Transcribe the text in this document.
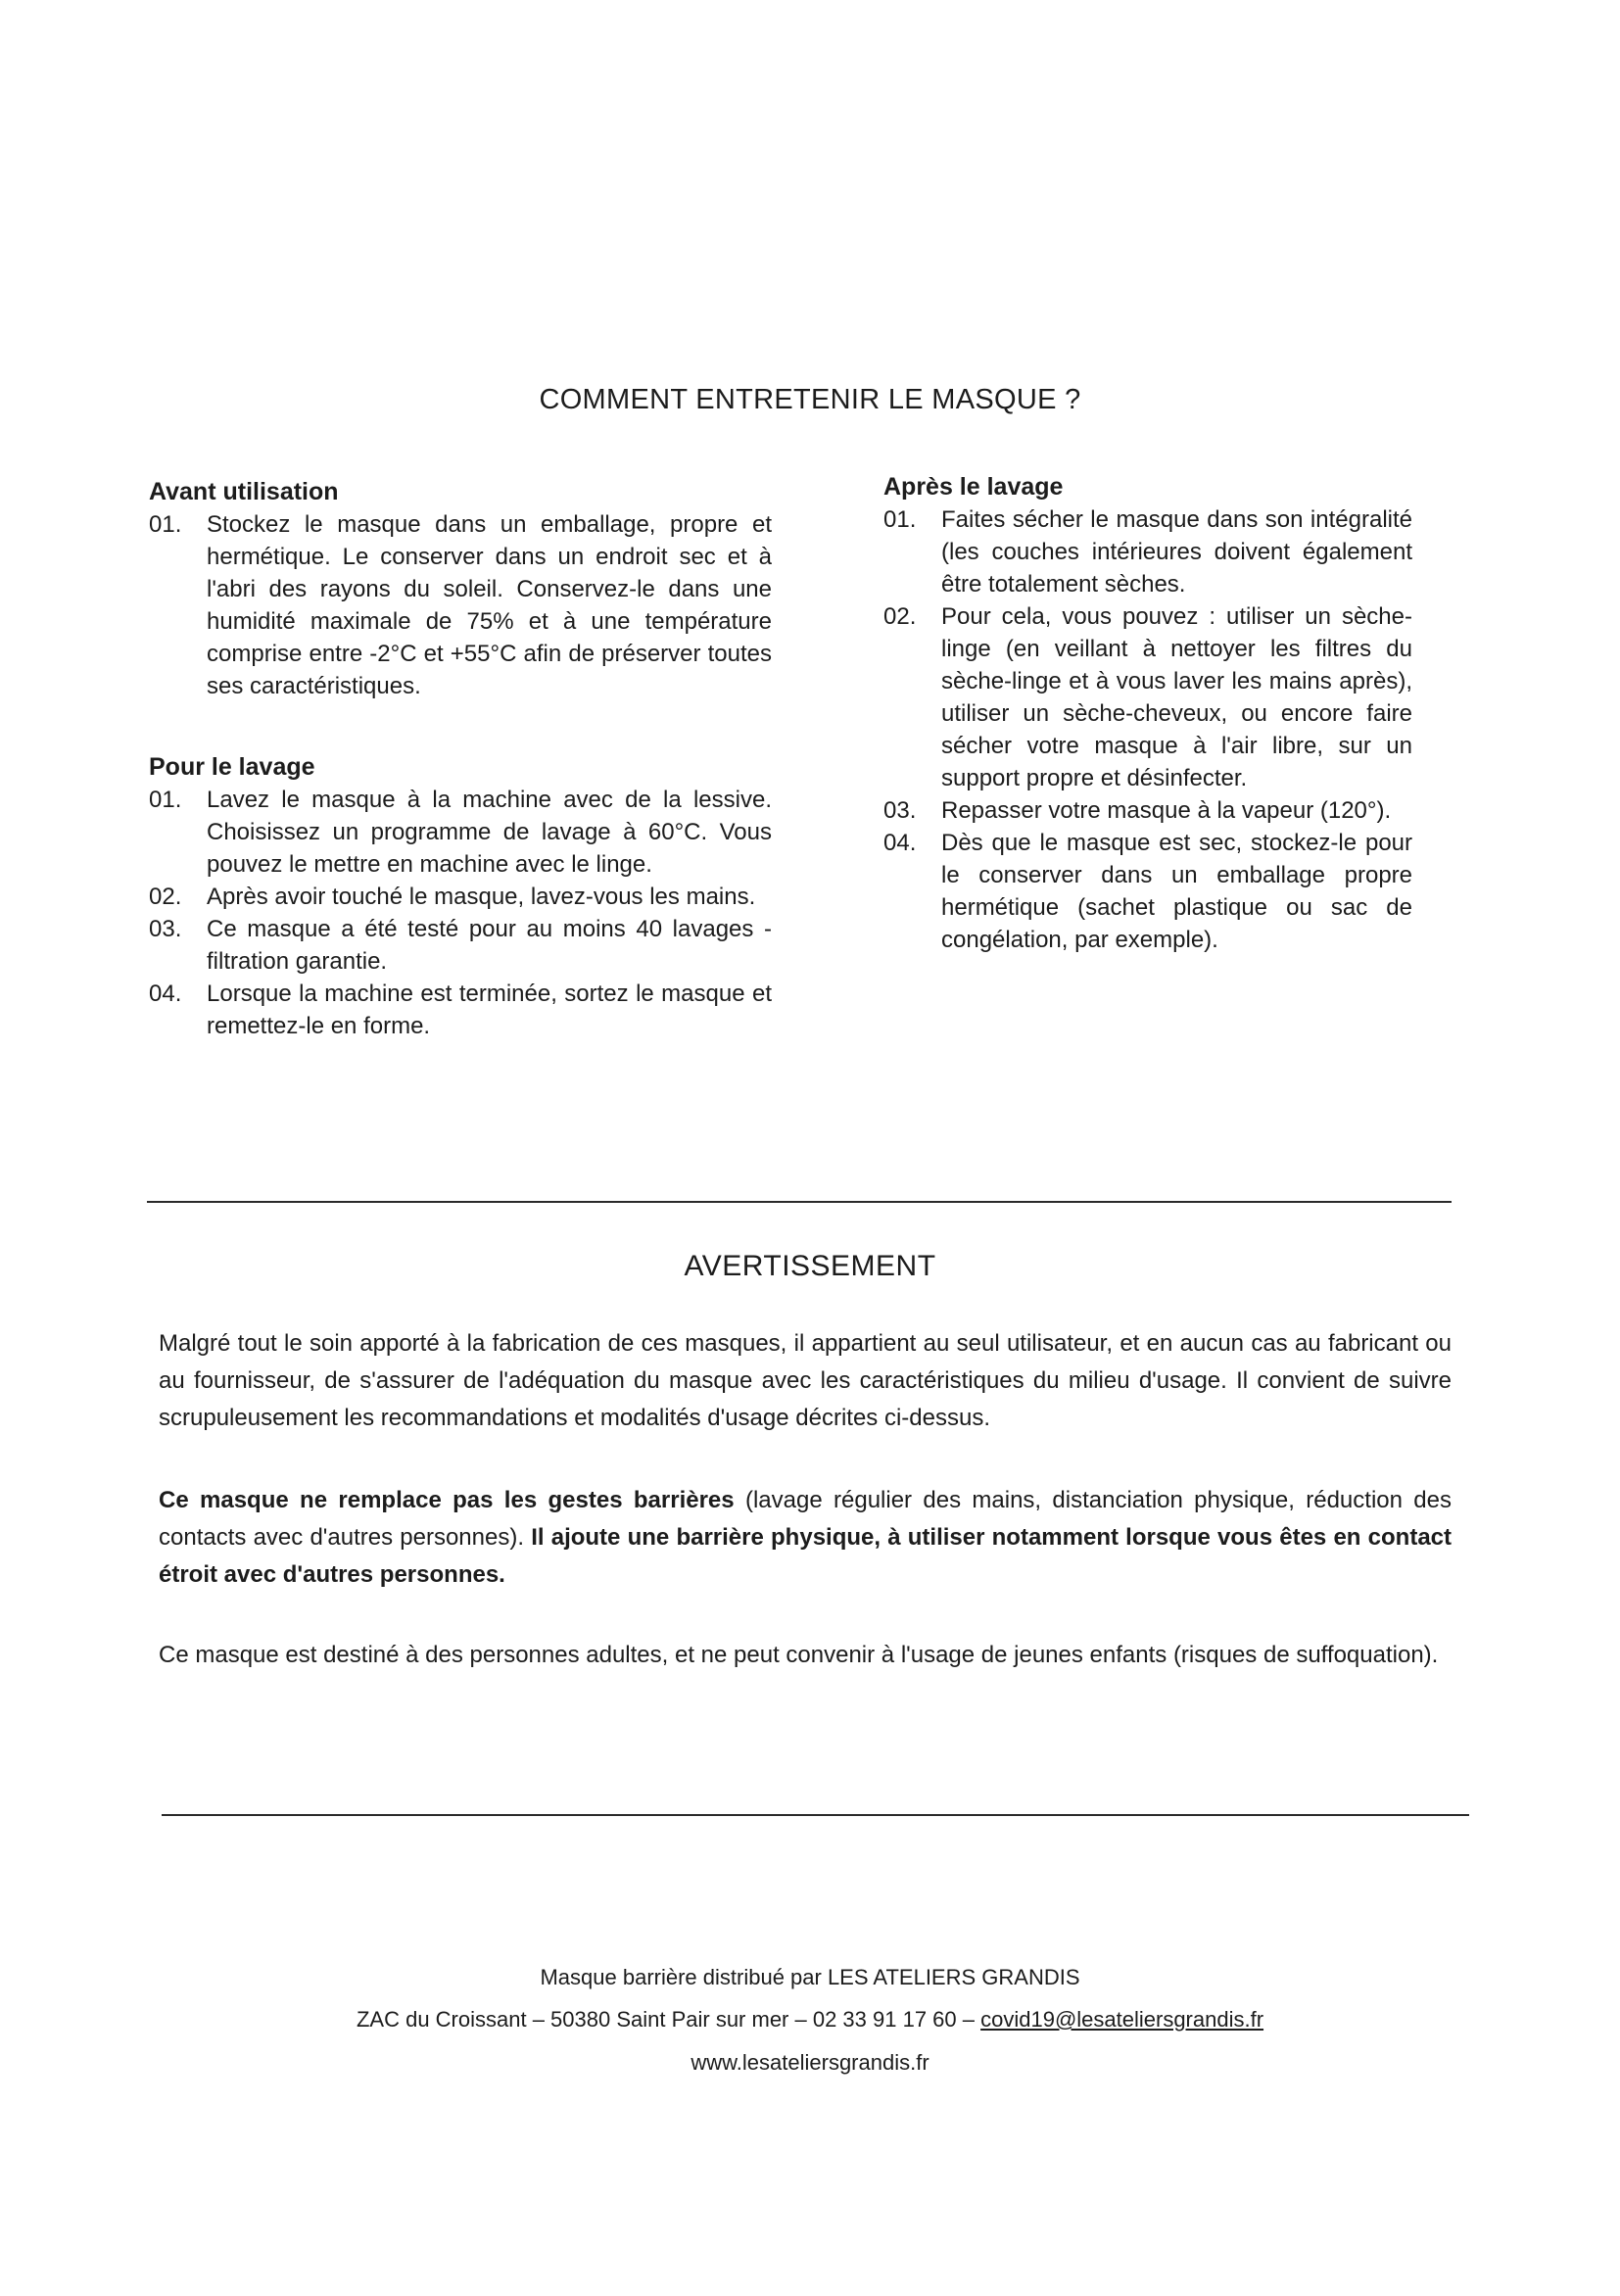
COMMENT ENTRETENIR LE MASQUE ?
Avant utilisation
01. Stockez le masque dans un emballage, propre et hermétique. Le conserver dans un endroit sec et à l'abri des rayons du soleil. Conservez-le dans une humidité maximale de 75% et à une température comprise entre -2°C et +55°C afin de préserver toutes ses caractéristiques.
Pour le lavage
01. Lavez le masque à la machine avec de la lessive. Choisissez un programme de lavage à 60°C. Vous pouvez le mettre en machine avec le linge.
02. Après avoir touché le masque, lavez-vous les mains.
03. Ce masque a été testé pour au moins 40 lavages - filtration garantie.
04. Lorsque la machine est terminée, sortez le masque et remettez-le en forme.
Après le lavage
01. Faites sécher le masque dans son intégralité (les couches intérieures doivent également être totalement sèches.
02. Pour cela, vous pouvez : utiliser un sèche-linge (en veillant à nettoyer les filtres du sèche-linge et à vous laver les mains après), utiliser un sèche-cheveux, ou encore faire sécher votre masque à l'air libre, sur un support propre et désinfecter.
03. Repasser votre masque à la vapeur (120°).
04. Dès que le masque est sec, stockez-le pour le conserver dans un emballage propre hermétique (sachet plastique ou sac de congélation, par exemple).
AVERTISSEMENT

Malgré tout le soin apporté à la fabrication de ces masques, il appartient au seul utilisateur, et en aucun cas au fabricant ou au fournisseur, de s'assurer de l'adéquation du masque avec les caractéristiques du milieu d'usage. Il convient de suivre scrupuleusement les recommandations et modalités d'usage décrites ci-dessus.

Ce masque ne remplace pas les gestes barrières (lavage régulier des mains, distanciation physique, réduction des contacts avec d'autres personnes). Il ajoute une barrière physique, à utiliser notamment lorsque vous êtes en contact étroit avec d'autres personnes.

Ce masque est destiné à des personnes adultes, et ne peut convenir à l'usage de jeunes enfants (risques de suffoquation).

Masque barrière distribué par LES ATELIERS GRANDIS
ZAC du Croissant – 50380 Saint Pair sur mer – 02 33 91 17 60 – covid19@lesateliersgrandis.fr
www.lesateliersgrandis.fr
